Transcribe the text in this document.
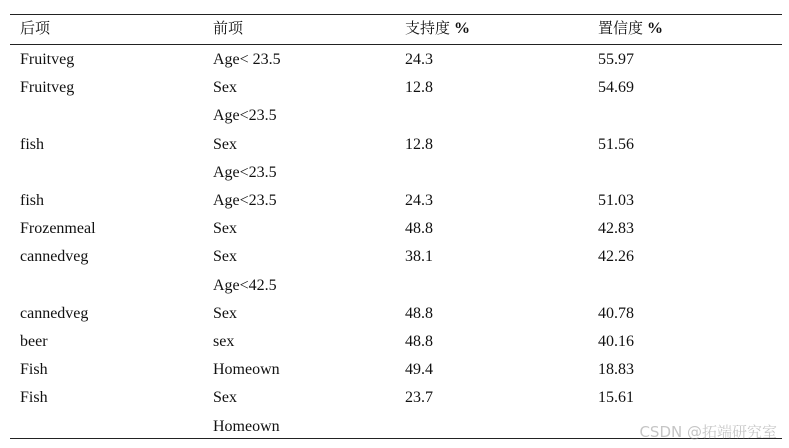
后项	前项	支持度 %	置信度 %
Fruitveg	Age< 23.5	24.3	55.97
Fruitveg	Sex	12.8	54.69
Age<23.5
fish	Sex	12.8	51.56
Age<23.5
fish	Age<23.5	24.3	51.03
Frozenmeal	Sex	48.8	42.83
cannedveg	Sex	38.1	42.26
Age<42.5
cannedveg	Sex	48.8	40.78
beer	sex	48.8	40.16
Fish	Homeown	49.4	18.83
Fish	Sex	23.7	15.61
Homeown	CSDN @拓端研究室
